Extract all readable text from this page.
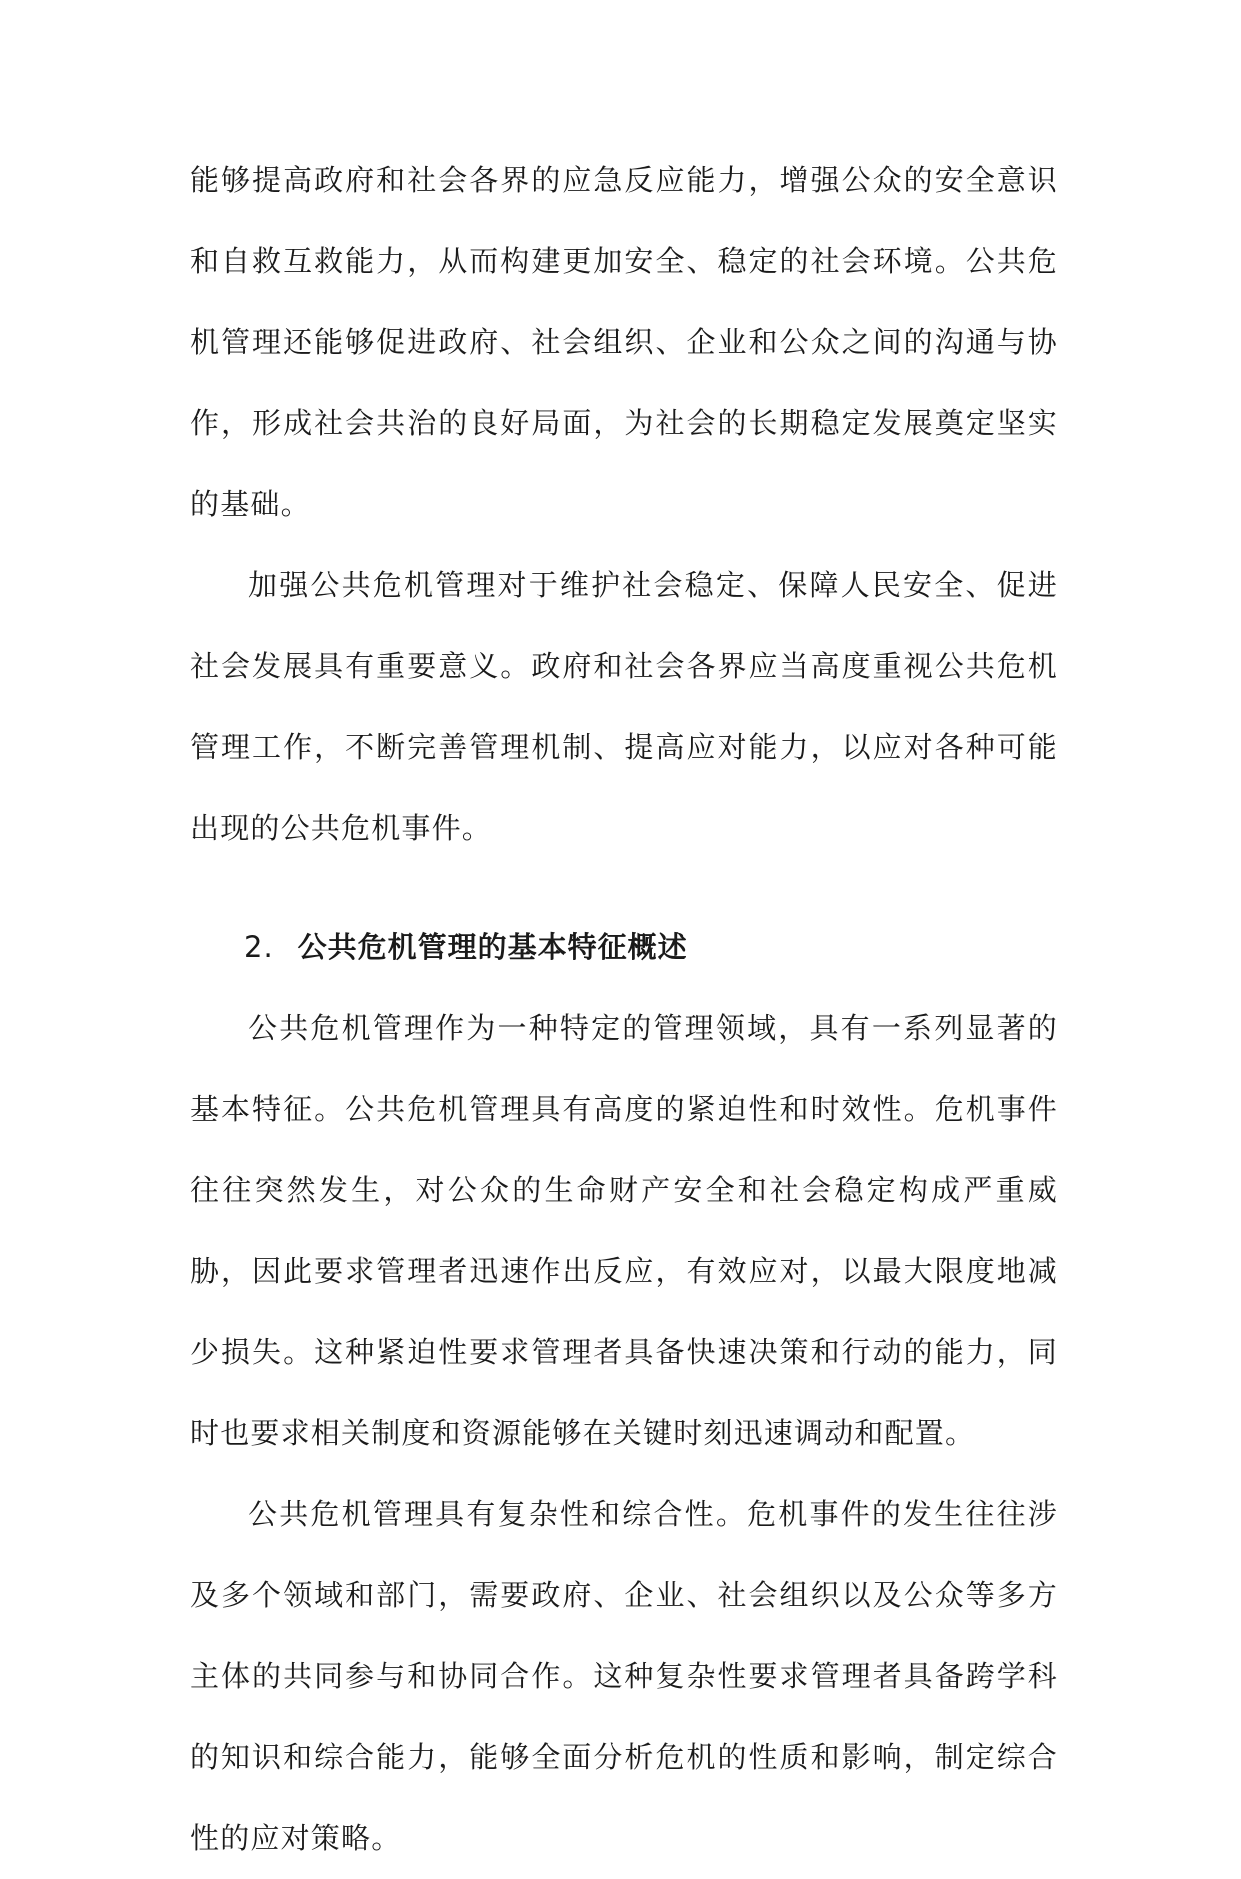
能够提高政府和社会各界的应急反应能力，增强公众的安全意识和自救互救能力，从而构建更加安全、稳定的社会环境。公共危机管理还能够促进政府、社会组织、企业和公众之间的沟通与协作，形成社会共治的良好局面，为社会的长期稳定发展奠定坚实的基础。

加强公共危机管理对于维护社会稳定、保障人民安全、促进社会发展具有重要意义。政府和社会各界应当高度重视公共危机管理工作，不断完善管理机制、提高应对能力，以应对各种可能出现的公共危机事件。

2. 公共危机管理的基本特征概述

公共危机管理作为一种特定的管理领域，具有一系列显著的基本特征。公共危机管理具有高度的紧迫性和时效性。危机事件往往突然发生，对公众的生命财产安全和社会稳定构成严重威胁，因此要求管理者迅速作出反应，有效应对，以最大限度地减少损失。这种紧迫性要求管理者具备快速决策和行动的能力，同时也要求相关制度和资源能够在关键时刻迅速调动和配置。

公共危机管理具有复杂性和综合性。危机事件的发生往往涉及多个领域和部门，需要政府、企业、社会组织以及公众等多方主体的共同参与和协同合作。这种复杂性要求管理者具备跨学科的知识和综合能力，能够全面分析危机的性质和影响，制定综合性的应对策略。
